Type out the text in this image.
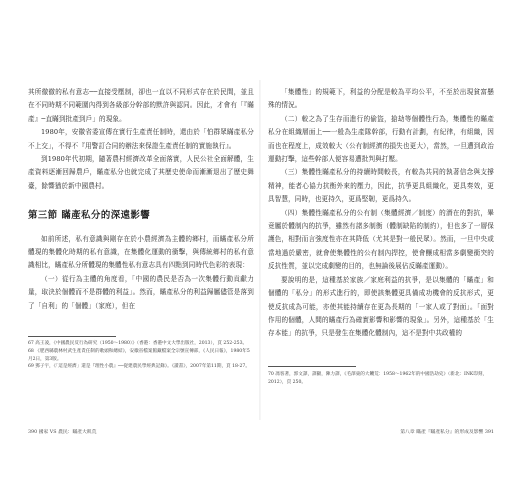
其所徹徹的私有意志──直接受壓制，卻也一直以不同形式存在於民間，並且在不同時期不同範圍內得到各級部分幹部的默許與認同。因此，才會有「『瞞產』─直瞞到批產到戶」的現象。

1980年，安徽省委宣傳在實行生產責任制時，還由於「怕群眾瞞產私分不上交」，不得不『用警訂合同的辦法來保證生產責任制的實施執行』。

到1980年代初期，隨著農村經濟改革全面落實，人民公社全面解體，生產資料逐漸回歸農戶，瞞產私分也就完成了其歷史使命而漸漸退出了歷史舞臺，餘響猶於新中國農村。

第三節 瞞產私分的深遠影響

如前所述，私有意識與剛存在於小農經濟為主體的鄉村，而瞞產私分所體現的集體化時期的私有意識，在集體化運動的衝擊，與傳統鄉村的私有意識相比，瞞產私分所體現的集體性私有意志具有四點到同時代色彩的表現：

（一）從行為主體的角度看，「中國的農民是否為一次集體行動貢獻力量，取決於個體而不是群體的利益」。然而，瞞產私分的利益歸屬儘管是落到了「自利」的「個體」（家庭），但在

67 高王凌，《中國農民反行為研究（1950～1980）》（香港：香港中文大學出版社，2013），頁 252-253。

68 《肥西縣農林村武生產責任制的歌頭和總結》，安徽省檔案館藏檔案全宗號宣傳部，《人民日報》，1980年5月2日，第3版。

69 鄧子宇，《「這是經濟」還是『理性小農』──從建農民學經典記錄》。《讀書》，2007年第11期，頁 18-27。

390 國家 VS 農民：瞞產大飢荒

「集體性」的規範下，利益的分配是較為平均公平，不至於出現貧富懸殊的情況。

（二）較之為了生存而進行的偷盜，搶劫等個體性行為，集體性的瞞產私分在組織層面上──一般為生產隊幹部，行動有計劃，有紀律，有組織，因而也在程度上，成效較大（公有制經濟的損失也更大），當然，一旦遭到政治運動打擊，這些幹部人便容易遭批判與打壓。

（三）集體性瞞產私分的持續時間較長，有較為共同的執著信念與支撐精神，能者心協力抗衡外來的壓力，因此，抗爭更具組織化，更具奏效，更具智慧，同時，也更持久，更爲堅韌，更爲持久。

（四）集體性瞞產私分的公有制（集體經濟／制度）的潛在的對抗，畢竟屬於體制內的抗爭，雖然有諸多制衡（體制缺陷的制約），但也多了一層保護色，相對而言強度性亦在其降低（尤其是對一般民眾）。然而，一旦中央或當地過於嚴密，就會使集體性的公有制內捍控，使會釀成相當多劇變衝突的反抗性質，並以完成劇變的目的，也無論後展佔反瞞產運動）。

要說明的是，這種基於家族／家庭利益的抗爭，是以集體的「瞞產」和個體的「私分」的形式進行的，即使該集體更具備成功機會的反抗形式，更使反抗成為可能，亦使其能持續存在更為長期的「一家人或了對面」。「面對作用的個體，人間的瞞產行為確實影響和影響的現象」。另外，這種基於「生存本能」的抗爭，只是發生在集體化體制內，這不是對中共政權的

70 馮客著，郭文譯，譯顯，陳力譯，《毛澤東的大饑荒：1958～1962年的中國浩劫史》（新北：INK印刻，2012），頁 250。

第八章 瞞產『瞞產私分』的形成及影響 391
